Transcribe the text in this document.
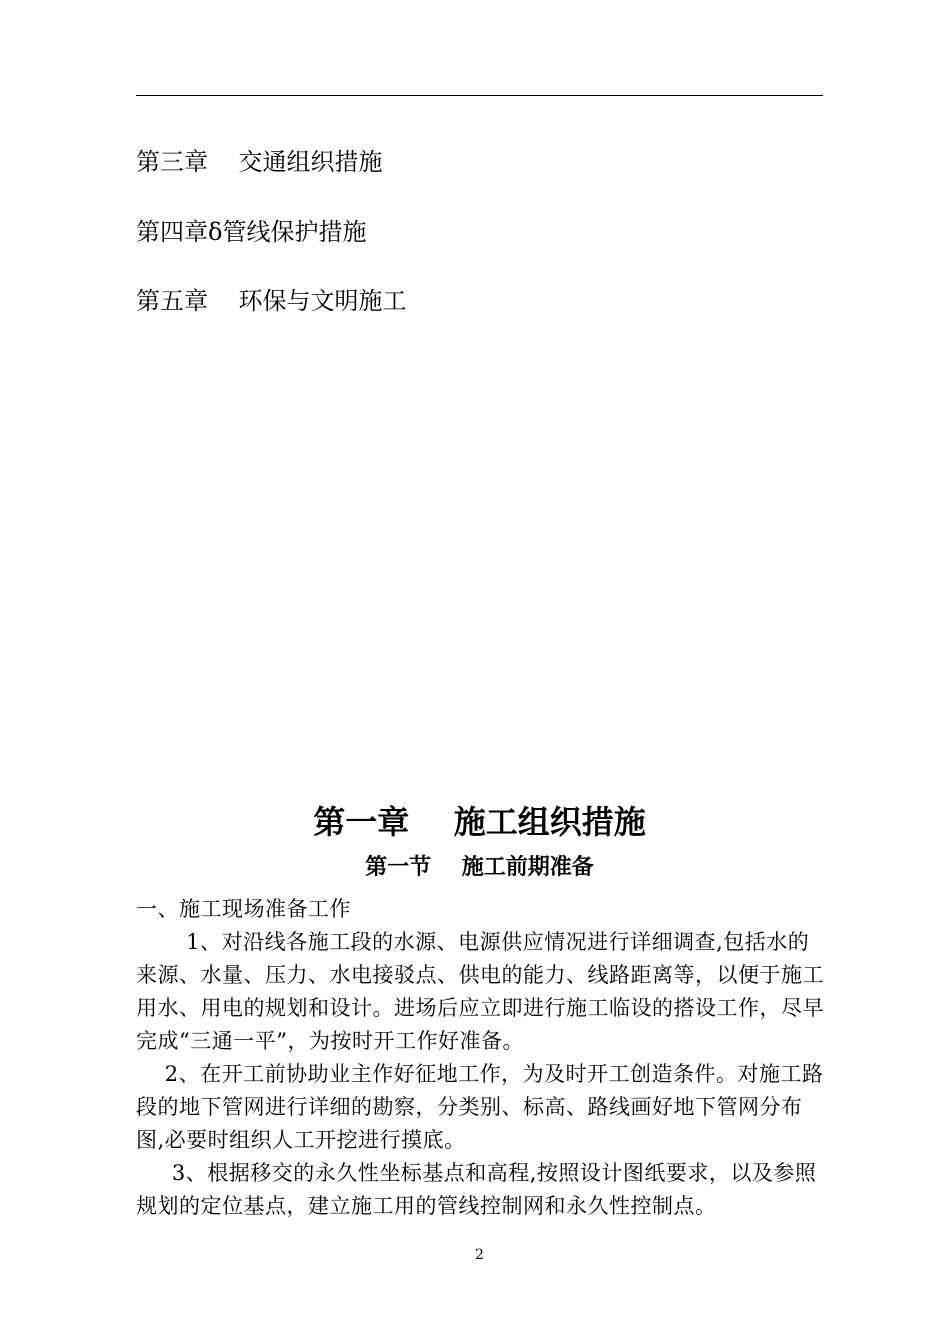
第三章    交通组织措施
第四章δ管线保护措施
第五章    环保与文明施工
第一章    施工组织措施
第一节    施工前期准备
一、施工现场准备工作
1、对沿线各施工段的水源、电源供应情况进行详细调查,包括水的来源、水量、压力、水电接驳点、供电的能力、线路距离等，以便于施工用水、用电的规划和设计。进场后应立即进行施工临设的搭设工作，尽早完成“三通一平”，为按时开工作好准备。
2、在开工前协助业主作好征地工作，为及时开工创造条件。对施工路段的地下管网进行详细的勘察，分类别、标高、路线画好地下管网分布图,必要时组织人工开挖进行摸底。
3、根据移交的永久性坐标基点和高程,按照设计图纸要求，以及参照规划的定位基点，建立施工用的管线控制网和永久性控制点。
2
